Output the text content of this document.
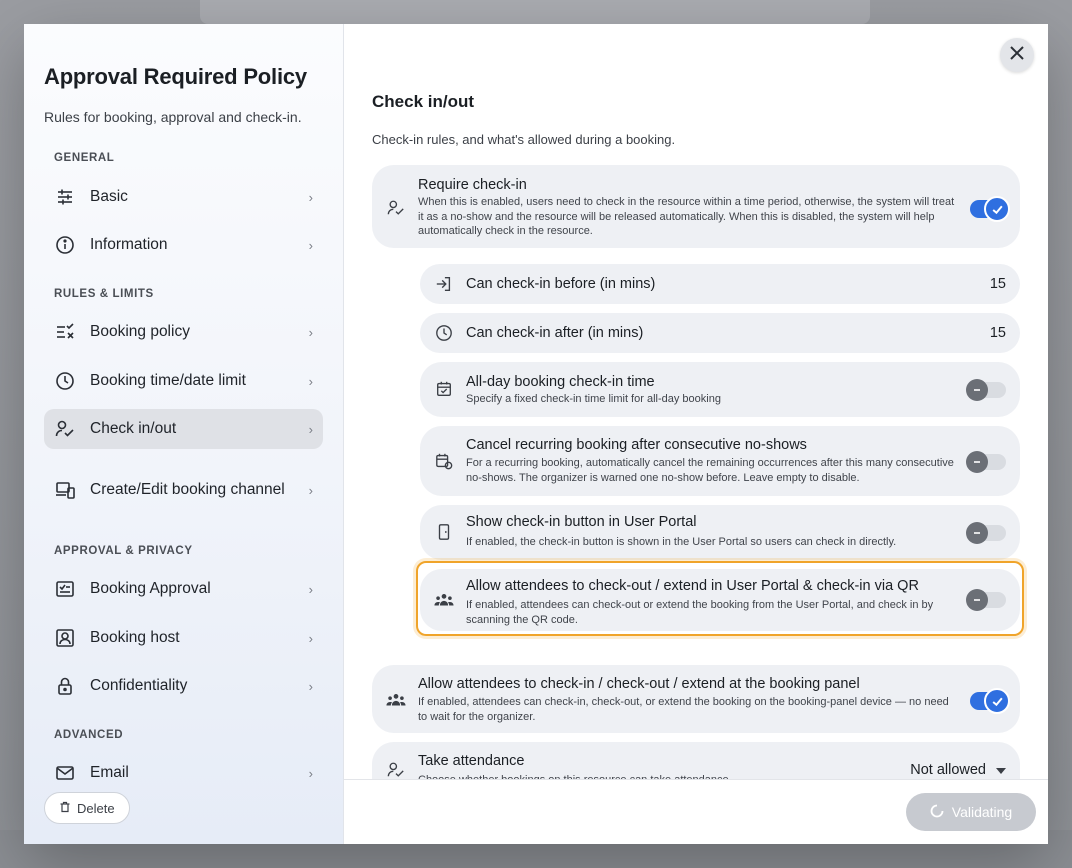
Approval Required Policy
Rules for booking, approval and check-in.
GENERAL
Basic	›
Information	›
RULES & LIMITS
Booking policy	›
Booking time/date limit	›
Check in/out	›
Create/Edit booking channel	›
APPROVAL & PRIVACY
Booking Approval	›
Booking host	›
Confidentiality	›
ADVANCED
Email	›
Delete
Check in/out
Check-in rules, and what's allowed during a booking.
Require check-in
When this is enabled, users need to check in the resource within a time period, otherwise, the system will treat it as a no-show and the resource will be released automatically. When this is disabled, the system will help automatically check in the resource.
Can check-in before (in mins)	15
Can check-in after (in mins)	15
All-day booking check-in time
Specify a fixed check-in time limit for all-day booking
Cancel recurring booking after consecutive no-shows
For a recurring booking, automatically cancel the remaining occurrences after this many consecutive no-shows. The organizer is warned one no-show before. Leave empty to disable.
Show check-in button in User Portal
If enabled, the check-in button is shown in the User Portal so users can check in directly.
Allow attendees to check-out / extend in User Portal & check-in via QR
If enabled, attendees can check-out or extend the booking from the User Portal, and check in by scanning the QR code.
Allow attendees to check-in / check-out / extend at the booking panel
If enabled, attendees can check-in, check-out, or extend the booking on the booking-panel device — no need to wait for the organizer.
Take attendance
Not allowed
Validating
